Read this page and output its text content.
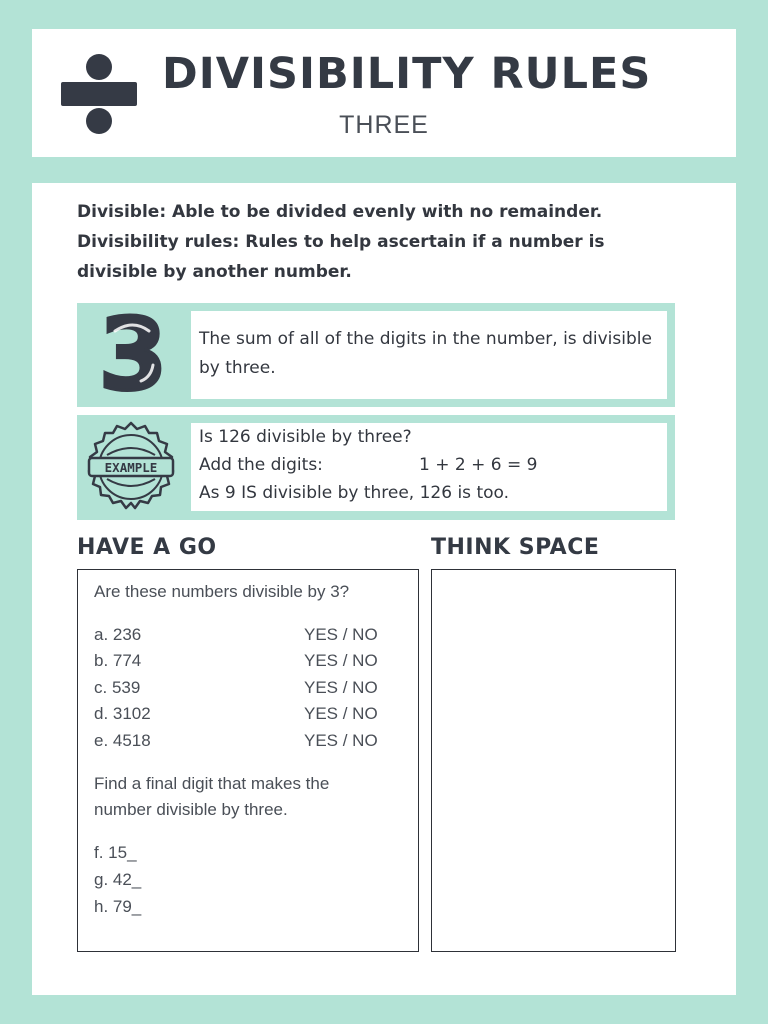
DIVISIBILITY RULES
THREE

Divisible: Able to be divided evenly with no remainder.

Divisibility rules: Rules to help ascertain if a number is

divisible by another number.

3 The sum of all of the digits in the number, is divisible by three.
EXAMPLE
Is 126 divisible by three?
Add the digits:	1 + 2 + 6 = 9
As 9 IS divisible by three, 126 is too.
HAVE A GO	THINK SPACE
Are these numbers divisible by 3?
a. 236	YES / NO
b. 774	YES / NO
c. 539	YES / NO
d. 3102	YES / NO
e. 4518	YES / NO
Find a final digit that makes the
number divisible by three.
f. 15_
g. 42_
h. 79_
